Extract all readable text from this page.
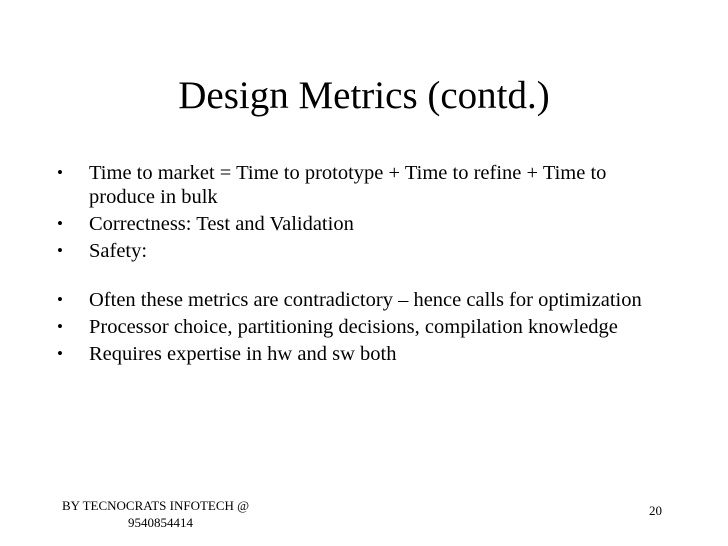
Design Metrics (contd.)
• Time to market = Time to prototype + Time to refine + Time to produce in bulk
• Correctness: Test and Validation
• Safety:
• Often these metrics are contradictory – hence calls for optimization
• Processor choice, partitioning decisions, compilation knowledge
• Requires expertise in hw and sw both
BY TECNOCRATS INFOTECH @
9540854414
20
